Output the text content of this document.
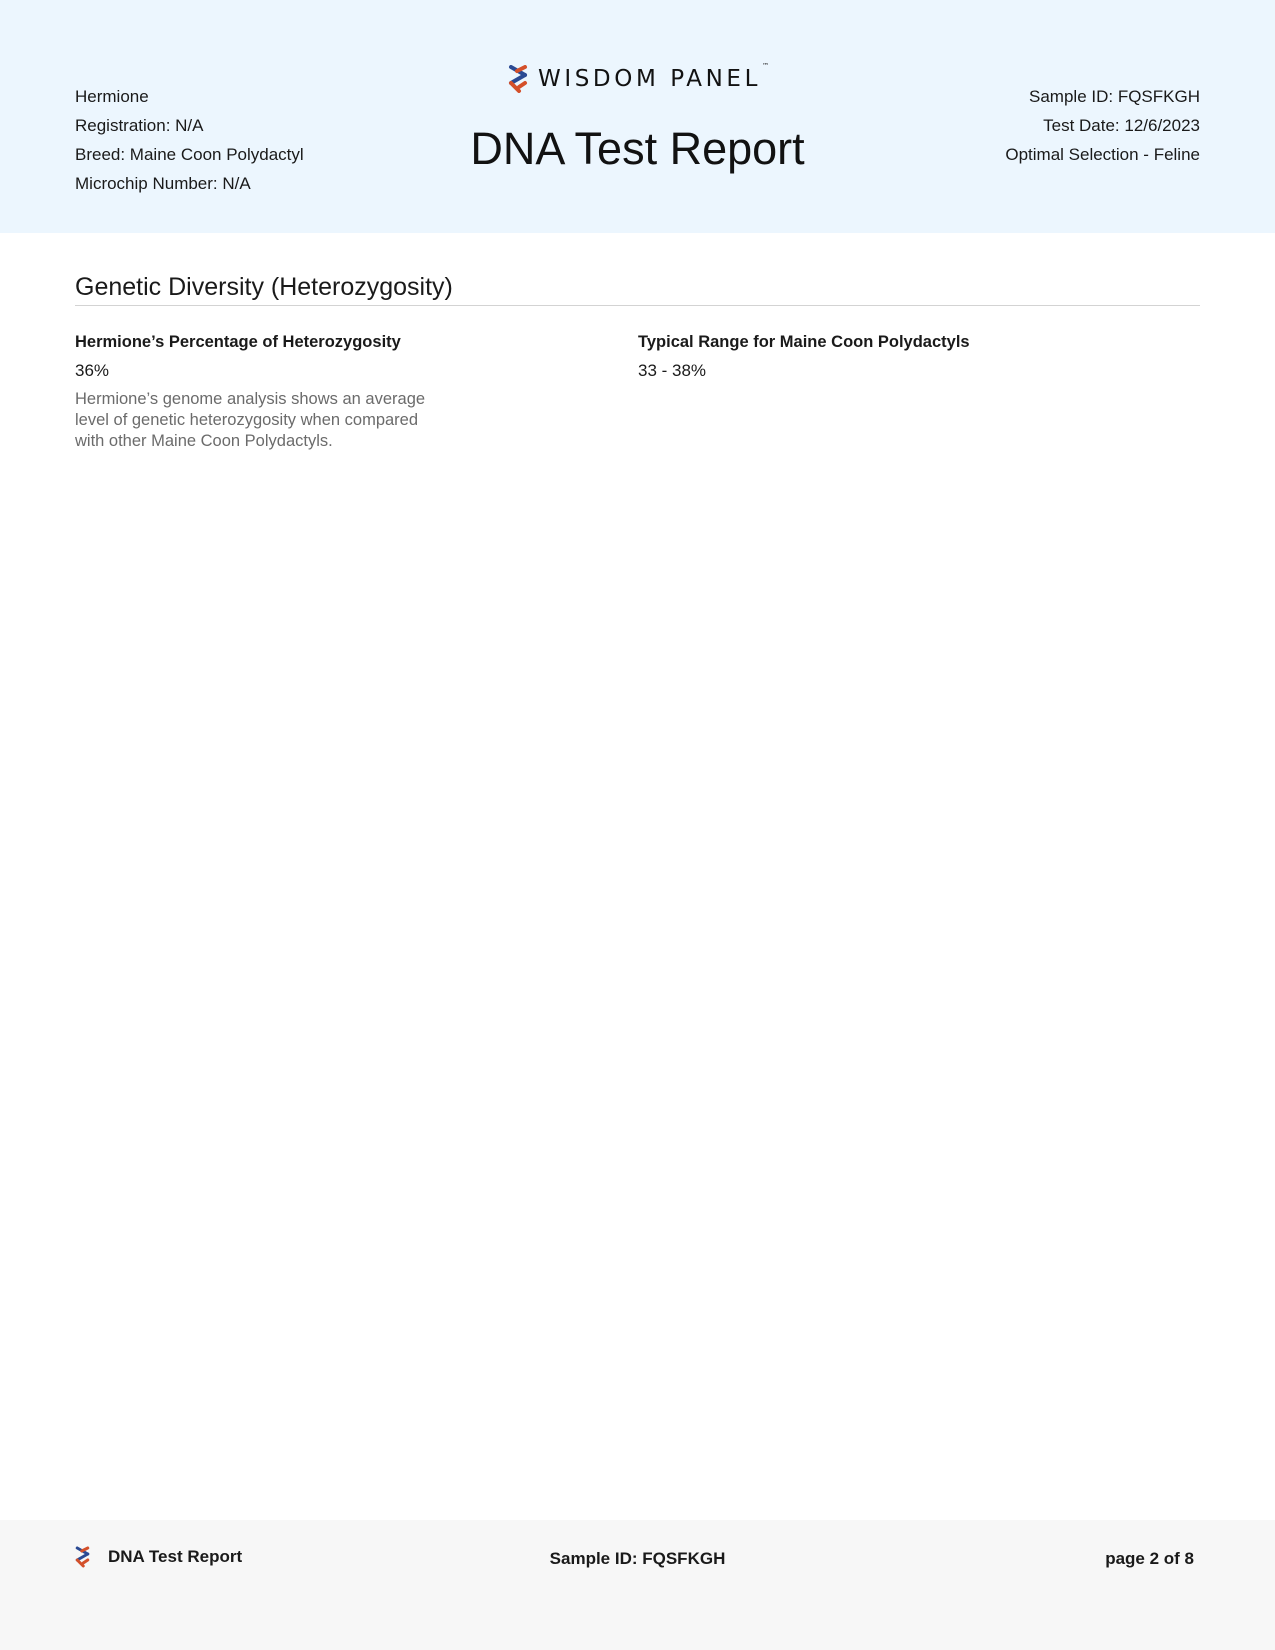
Hermione
Registration: N/A
Breed: Maine Coon Polydactyl
Microchip Number: N/A
WISDOM PANEL™
DNA Test Report
Sample ID: FQSFKGH
Test Date: 12/6/2023
Optimal Selection - Feline
Genetic Diversity (Heterozygosity)
Hermione’s Percentage of Heterozygosity
36%
Hermione’s genome analysis shows an average level of genetic heterozygosity when compared with other Maine Coon Polydactyls.
Typical Range for Maine Coon Polydactyls
33 - 38%
DNA Test Report	Sample ID: FQSFKGH	page 2 of 8
